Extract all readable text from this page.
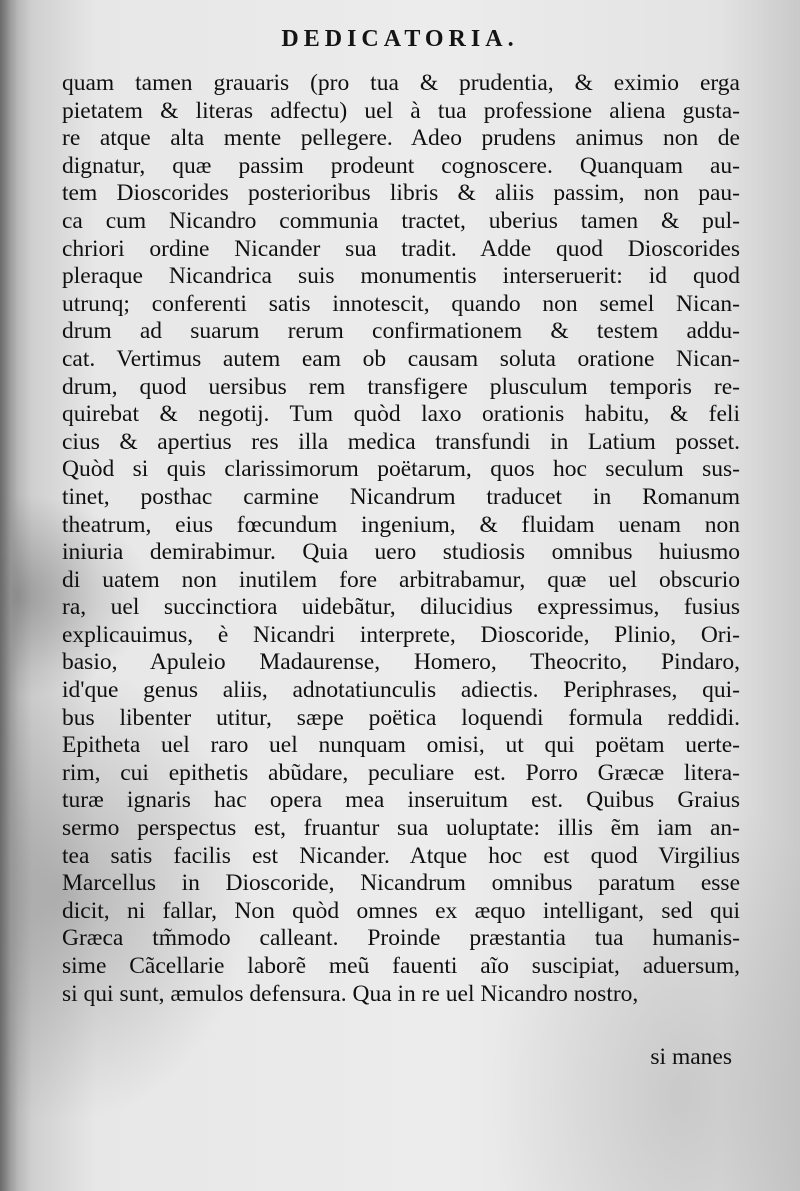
DEDICATORIA.
quam tamen grauaris (pro tua & prudentia, & eximio erga
pietatem & literas adfectu) uel à tua professione aliena gusta-
re atque alta mente pellegere. Adeo prudens animus non de
dignatur, quæ passim prodeunt cognoscere. Quanquam au-
tem Dioscorides posterioribus libris & aliis passim, non pau-
ca cum Nicandro communia tractet, uberius tamen & pul-
chriori ordine Nicander sua tradit. Adde quod Dioscorides
pleraque Nicandrica suis monumentis interseruerit: id quod
utrunq; conferenti satis innotescit, quando non semel Nican-
drum ad suarum rerum confirmationem & testem addu-
cat. Vertimus autem eam ob causam soluta oratione Nican-
drum, quod uersibus rem transfigere plusculum temporis re-
quirebat & negotij. Tum quòd laxo orationis habitu, & feli
cius & apertius res illa medica transfundi in Latium posset.
Quòd si quis clarissimorum poëtarum, quos hoc seculum sus-
tinet, posthac carmine Nicandrum traducet in Romanum
theatrum, eius fœcundum ingenium, & fluidam uenam non
iniuria demirabimur. Quia uero studiosis omnibus huiusmo
di uatem non inutilem fore arbitrabamur, quæ uel obscurio
ra, uel succinctiora uidebãtur, dilucidius expressimus, fusius
explicauimus, è Nicandri interprete, Dioscoride, Plinio, Ori-
basio, Apuleio Madaurense, Homero, Theocrito, Pindaro,
id'que genus aliis, adnotatiunculis adiectis. Periphrases, qui-
bus libenter utitur, sæpe poëtica loquendi formula reddidi.
Epitheta uel raro uel nunquam omisi, ut qui poëtam uerte-
rim, cui epithetis abũdare, peculiare est. Porro Græcæ litera-
turæ ignaris hac opera mea inseruitum est. Quibus Graius
sermo perspectus est, fruantur sua uoluptate: illis ẽm iam an-
tea satis facilis est Nicander. Atque hoc est quod Virgilius
Marcellus in Dioscoride, Nicandrum omnibus paratum esse
dicit, ni fallar, Non quòd omnes ex æquo intelligant, sed qui
Græca tm̃modo calleant. Proinde præstantia tua humanis-
sime Cãcellarie laborẽ meũ fauenti aĩo suscipiat, aduersum,
si qui sunt, æmulos defensura. Qua in re uel Nicandro nostro,
si manes
